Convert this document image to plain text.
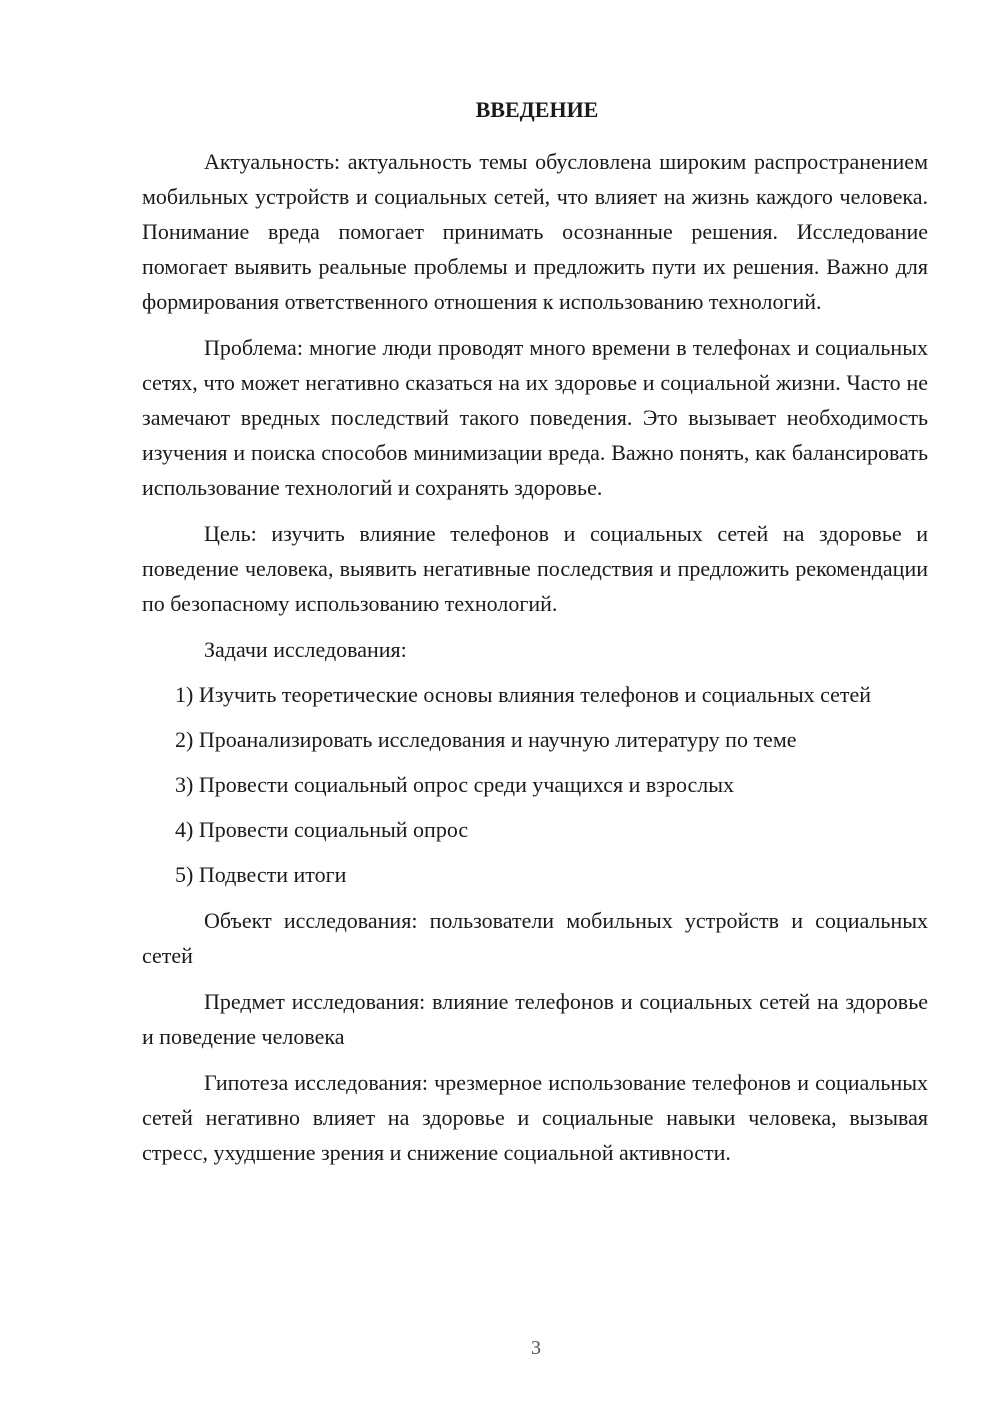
ВВЕДЕНИЕ

Актуальность: актуальность темы обусловлена широким распространением мобильных устройств и социальных сетей, что влияет на жизнь каждого человека. Понимание вреда помогает принимать осознанные решения. Исследование помогает выявить реальные проблемы и предложить пути их решения. Важно для формирования ответственного отношения к использованию технологий.

Проблема: многие люди проводят много времени в телефонах и социальных сетях, что может негативно сказаться на их здоровье и социальной жизни. Часто не замечают вредных последствий такого поведения. Это вызывает необходимость изучения и поиска способов минимизации вреда. Важно понять, как балансировать использование технологий и сохранять здоровье.

Цель: изучить влияние телефонов и социальных сетей на здоровье и поведение человека, выявить негативные последствия и предложить рекомендации по безопасному использованию технологий.

Задачи исследования:

1) Изучить теоретические основы влияния телефонов и социальных сетей

2) Проанализировать исследования и научную литературу по теме

3) Провести социальный опрос среди учащихся и взрослых

4) Провести социальный опрос

5) Подвести итоги

Объект исследования: пользователи мобильных устройств и социальных сетей

Предмет исследования: влияние телефонов и социальных сетей на здоровье и поведение человека

Гипотеза исследования: чрезмерное использование телефонов и социальных сетей негативно влияет на здоровье и социальные навыки человека, вызывая стресс, ухудшение зрения и снижение социальной активности.

3
